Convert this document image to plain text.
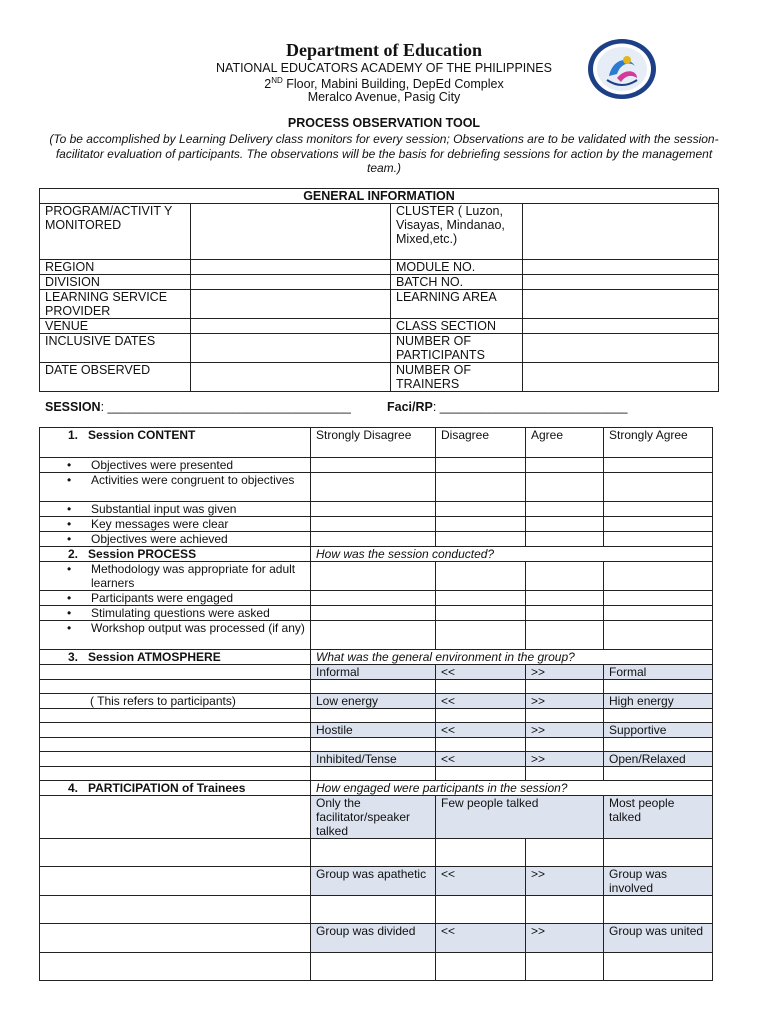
Department of Education
NATIONAL EDUCATORS ACADEMY OF THE PHILIPPINES
2ND Floor, Mabini Building, DepEd Complex
Meralco Avenue, Pasig City
PROCESS OBSERVATION TOOL
(To be accomplished by Learning Delivery class monitors for every session; Observations are to be validated with the session-facilitator evaluation of participants. The observations will be the basis for debriefing sessions for action by the management team.)
GENERAL INFORMATION			
PROGRAM/ACTIVIT Y MONITORED		CLUSTER ( Luzon, Visayas, Mindanao, Mixed,etc.)	
REGION		MODULE NO.	
DIVISION		BATCH NO.	
LEARNING SERVICE PROVIDER		LEARNING AREA	
VENUE		CLASS SECTION	
INCLUSIVE DATES		NUMBER OF PARTICIPANTS	
DATE OBSERVED		NUMBER OF TRAINERS	
SESSION: ___________________________________	Faci/RP: ___________________________
1. Session CONTENT	Strongly Disagree	Disagree	Agree	Strongly Agree

• Objectives were presented

• Activities were congruent to objectives

• Substantial input was given

• Key messages were clear

• Objectives were achieved

2. Session PROCESS	How was the session conducted?			

• Methodology was appropriate for adult learners

• Participants were engaged

• Stimulating questions were asked

• Workshop output was processed (if any)

3. Session ATMOSPHERE	What was the general environment in the group?			
	Informal	<<	>>	Formal

( This refers to participants)	Low energy	<<	>>	High energy

	Hostile	<<	>>	Supportive

	Inhibited/Tense	<<	>>	Open/Relaxed

4. PARTICIPATION of Trainees	How engaged were participants in the session?			
	Only the facilitator/speaker talked	Few people talked		Most people talked

	Group was apathetic	<<	>>	Group was involved

	Group was divided	<<	>>	Group was united
